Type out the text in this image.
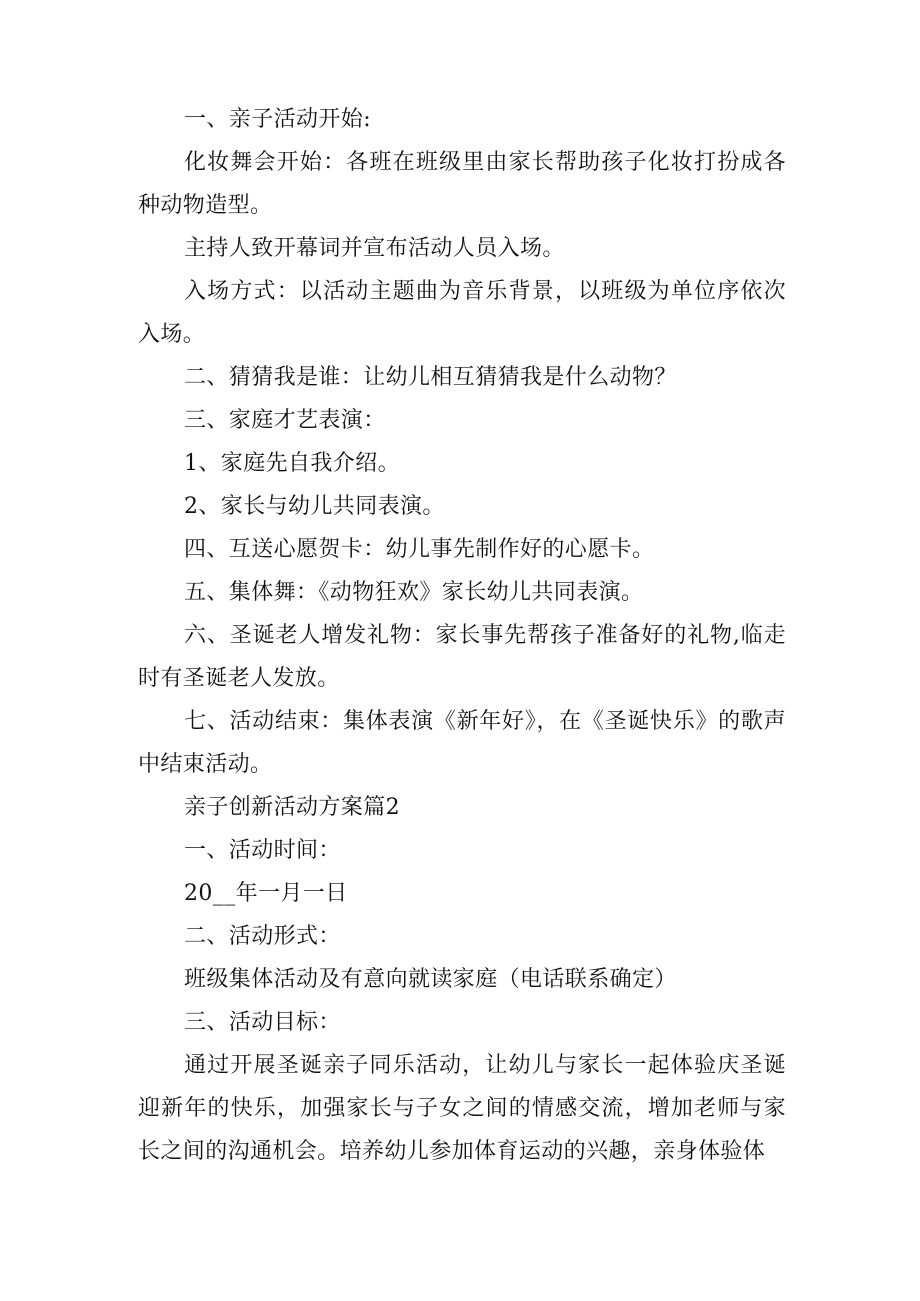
一、亲子活动开始:

化妆舞会开始：各班在班级里由家长帮助孩子化妆打扮成各种动物造型。

主持人致开幕词并宣布活动人员入场。

入场方式：以活动主题曲为音乐背景，以班级为单位序依次入场。

二、猜猜我是谁：让幼儿相互猜猜我是什么动物？

三、家庭才艺表演：

1、家庭先自我介绍。

2、家长与幼儿共同表演。

四、互送心愿贺卡：幼儿事先制作好的心愿卡。

五、集体舞：《动物狂欢》家长幼儿共同表演。

六、圣诞老人增发礼物：家长事先帮孩子准备好的礼物,临走时有圣诞老人发放。

七、活动结束：集体表演《新年好》，在《圣诞快乐》的歌声中结束活动。

亲子创新活动方案篇2

一、活动时间：

20__年一月一日

二、活动形式：

班级集体活动及有意向就读家庭（电话联系确定）

三、活动目标：

通过开展圣诞亲子同乐活动，让幼儿与家长一起体验庆圣诞迎新年的快乐，加强家长与子女之间的情感交流，增加老师与家长之间的沟通机会。培养幼儿参加体育运动的兴趣，亲身体验体
